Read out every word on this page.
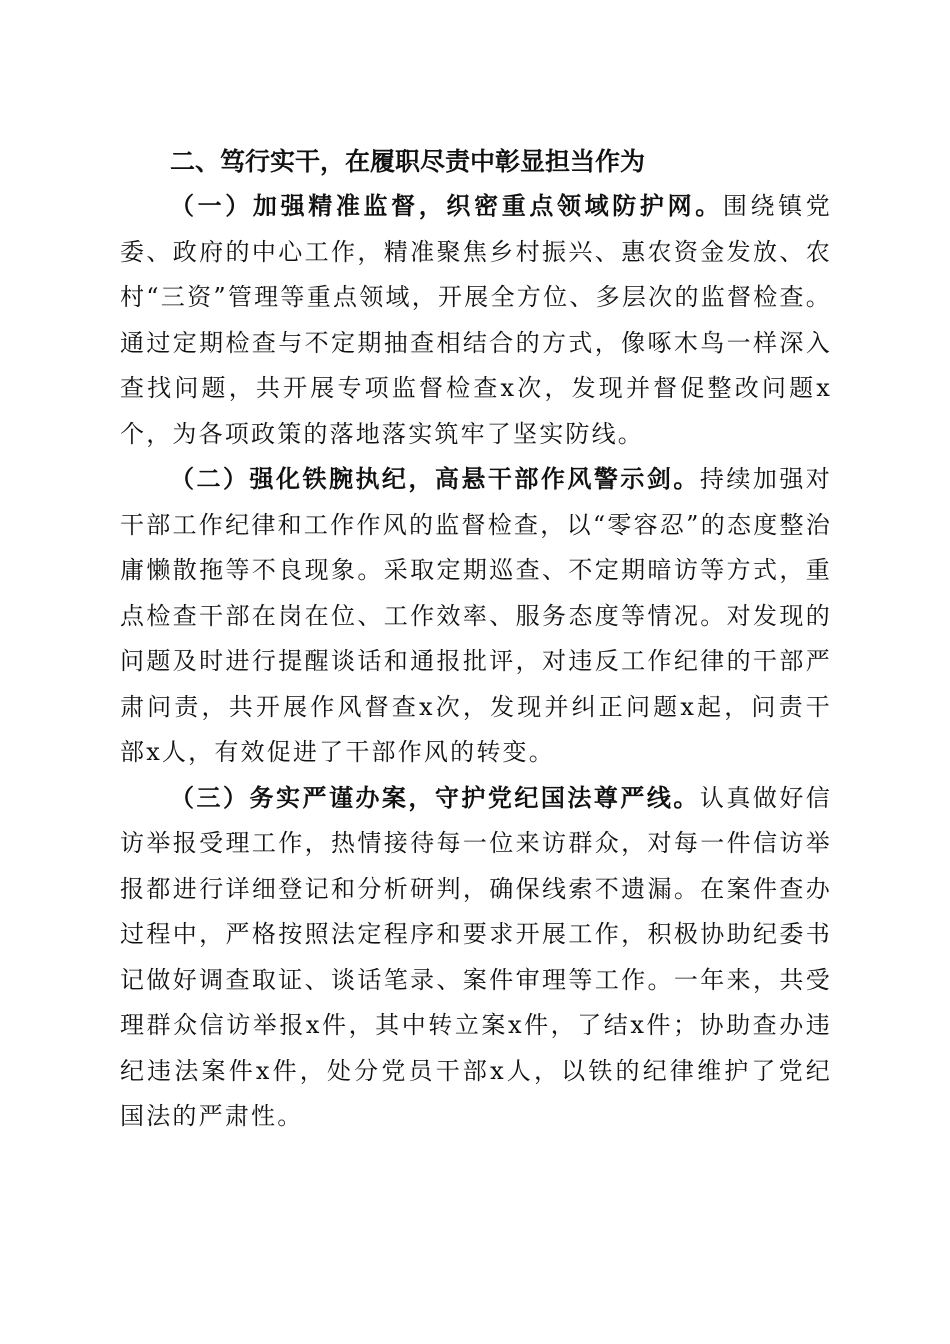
二、笃行实干，在履职尽责中彰显担当作为

（一）加强精准监督，织密重点领域防护网。围绕镇党委、政府的中心工作，精准聚焦乡村振兴、惠农资金发放、农村“三资”管理等重点领域，开展全方位、多层次的监督检查。通过定期检查与不定期抽查相结合的方式，像啄木鸟一样深入查找问题，共开展专项监督检查x次，发现并督促整改问题x个，为各项政策的落地落实筑牢了坚实防线。

（二）强化铁腕执纪，高悬干部作风警示剑。持续加强对干部工作纪律和工作作风的监督检查，以“零容忍”的态度整治庸懒散拖等不良现象。采取定期巡查、不定期暗访等方式，重点检查干部在岗在位、工作效率、服务态度等情况。对发现的问题及时进行提醒谈话和通报批评，对违反工作纪律的干部严肃问责，共开展作风督查x次，发现并纠正问题x起，问责干部x人，有效促进了干部作风的转变。

（三）务实严谨办案，守护党纪国法尊严线。认真做好信访举报受理工作，热情接待每一位来访群众，对每一件信访举报都进行详细登记和分析研判，确保线索不遗漏。在案件查办过程中，严格按照法定程序和要求开展工作，积极协助纪委书记做好调查取证、谈话笔录、案件审理等工作。一年来，共受理群众信访举报x件，其中转立案x件，了结x件；协助查办违纪违法案件x件，处分党员干部x人，以铁的纪律维护了党纪国法的严肃性。
